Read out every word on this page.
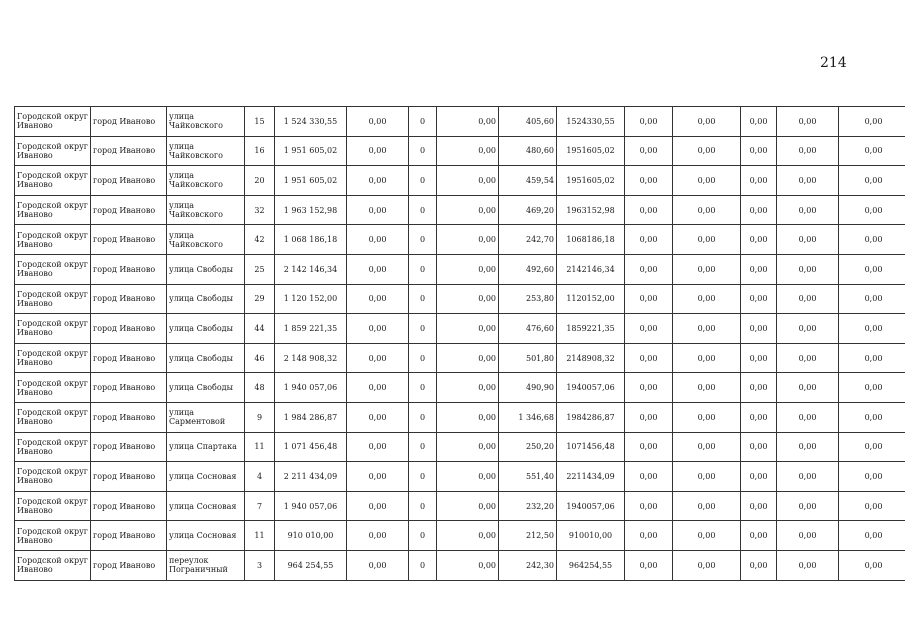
214
Городской округ Иваново	город Иваново	улица Чайковского	15	1 524 330,55	0,00	0	0,00	405,60	1524330,55	0,00	0,00	0,00	0,00	0,00
Городской округ Иваново	город Иваново	улица Чайковского	16	1 951 605,02	0,00	0	0,00	480,60	1951605,02	0,00	0,00	0,00	0,00	0,00
Городской округ Иваново	город Иваново	улица Чайковского	20	1 951 605,02	0,00	0	0,00	459,54	1951605,02	0,00	0,00	0,00	0,00	0,00
Городской округ Иваново	город Иваново	улица Чайковского	32	1 963 152,98	0,00	0	0,00	469,20	1963152,98	0,00	0,00	0,00	0,00	0,00
Городской округ Иваново	город Иваново	улица Чайковского	42	1 068 186,18	0,00	0	0,00	242,70	1068186,18	0,00	0,00	0,00	0,00	0,00
Городской округ Иваново	город Иваново	улица Свободы	25	2 142 146,34	0,00	0	0,00	492,60	2142146,34	0,00	0,00	0,00	0,00	0,00
Городской округ Иваново	город Иваново	улица Свободы	29	1 120 152,00	0,00	0	0,00	253,80	1120152,00	0,00	0,00	0,00	0,00	0,00
Городской округ Иваново	город Иваново	улица Свободы	44	1 859 221,35	0,00	0	0,00	476,60	1859221,35	0,00	0,00	0,00	0,00	0,00
Городской округ Иваново	город Иваново	улица Свободы	46	2 148 908,32	0,00	0	0,00	501,80	2148908,32	0,00	0,00	0,00	0,00	0,00
Городской округ Иваново	город Иваново	улица Свободы	48	1 940 057,06	0,00	0	0,00	490,90	1940057,06	0,00	0,00	0,00	0,00	0,00
Городской округ Иваново	город Иваново	улица Сарментовой	9	1 984 286,87	0,00	0	0,00	1 346,68	1984286,87	0,00	0,00	0,00	0,00	0,00
Городской округ Иваново	город Иваново	улица Спартака	11	1 071 456,48	0,00	0	0,00	250,20	1071456,48	0,00	0,00	0,00	0,00	0,00
Городской округ Иваново	город Иваново	улица Сосновая	4	2 211 434,09	0,00	0	0,00	551,40	2211434,09	0,00	0,00	0,00	0,00	0,00
Городской округ Иваново	город Иваново	улица Сосновая	7	1 940 057,06	0,00	0	0,00	232,20	1940057,06	0,00	0,00	0,00	0,00	0,00
Городской округ Иваново	город Иваново	улица Сосновая	11	910 010,00	0,00	0	0,00	212,50	910010,00	0,00	0,00	0,00	0,00	0,00
Городской округ Иваново	город Иваново	переулок Пограничный	3	964 254,55	0,00	0	0,00	242,30	964254,55	0,00	0,00	0,00	0,00	0,00
